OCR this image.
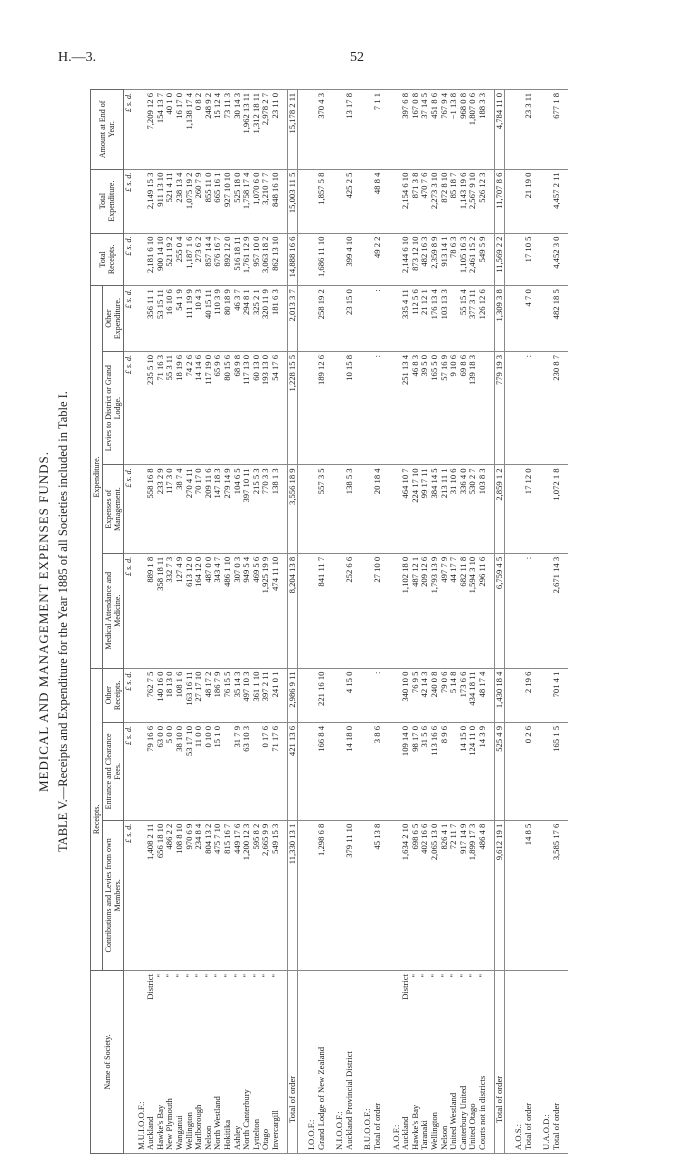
H.—3.	52
MEDICAL AND MANAGEMENT EXPENSES FUNDS. TABLE V.—Receipts and Expenditure for the Year 1885 of all Societies included in Table I.
Name of Society.	Receipts.			Expenditure.				Total Receipts.	Total Expenditure.	Amount at End of Year.
	Contributions and Levies from own Members.	Entrance and Clearance Fees.	Other Receipts.	Medical Attendance and Medicine.	Expenses of Management.	Levies to District or Grand Lodge.	Other Expenditure.			
	£ s. d.	£ s. d.	£ s. d.	£ s. d.	£ s. d.	£ s. d.	£ s. d.	£ s. d.	£ s. d.	£ s. d.
M.U.I.O.O.F.:										
Auckland
District	1,408 2 11	79 16 6	762 7 5	889 1 8	558 16 8	235 5 10	356 11 1	2,181 6 10	2,149 15 3	7,209 12 6
Hawke's Bay
"	656 18 10	63 0 0	140 16 0	358 18 11	233 2 9	71 16 3	53 15 11	900 14 10	911 13 10	154 13 7
New Plymouth
"	486 2 2	5 0 0	18 13 0	332 7 3	117 3 0	55 3 11	16 10 6	521 19 2	521 4 11	40 1 0
Wanganui
"	108 8 10	38 10 0	108 1 6	127 4 9	38 7 4	18 19 6	54 1 9	255 0 4	238 13 4	16 17 0
Wellington
"	970 6 9	53 17 10	163 16 11	613 12 0	270 4 11	74 2 6	111 19 9	1,187 1 6	1,075 19 2	1,138 17 4
Marlborough
"	234 8 4	11 0 0	27 17 10	164 12 0	70 17 0	14 14 6	10 4 3	273 6 2	260 7 9	0 8 2
Nelson
"	804 13 2	0 10 0	48 17 2	487 0 0	209 11 6	117 19 0	40 15 11	857 14 4	855 11 0	248 9 2
North Westland
"	475 7 10	15 1 0	186 7 9	343 4 7	147 18 3	65 9 6	110 3 9	676 16 7	665 16 1	15 12 4
Hokitika
"	815 16 7		76 15 5	486 1 10	279 14 9	80 15 6	80 18 9	892 12 0	927 10 10	73 11 3
Ashley
"	449 17 6	31 7 9	35 14 3	307 0 3	104 6 5	68 9 8	46 3 7	516 18 11	525 18 0	30 14 3
North Canterbury
"	1,200 12 3	63 10 3	497 10 3	949 5 4	397 10 11	117 13 0	294 8 1	1,761 12 9	1,758 17 4	1,962 13 11
Lyttelton
"	595 8 2		361 1 10	469 5 6	215 5 3	60 13 0	325 2 1	957 10 0	1,070 6 0	1,312 18 11
Otago
"	2,665 9 9	0 17 6	397 2 11	1,925 19 9	770 3 3	193 13 0	320 11 9	3,063 18 2	3,210 7 7	2,978 2 7
Invercargill
"	549 15 3	71 17 6	241 0 1	474 11 10	138 1 3	54 17 6	181 6 3	862 13 10	848 16 10	23 11 0

Total of order	11,330 13 1	421 13 6	2,986 9 11	8,204 13 8	3,556 18 9	1,228 15 5	2,013 3 7	14,888 16 6	15,003 11 5	15,178 2 11

I.O.O.F.:										
Grand Lodge of New Zealand	1,298 6 8	166 8 4	221 16 10	841 11 7	557 3 5	189 12 6	258 19 2	1,686 11 10	1,857 5 8	370 4 3

N.I.O.O.F.:										
Auckland Provincial District	379 11 10	14 18 0	4 15 0	252 6 6	138 5 3	10 15 8	23 15 0	399 4 10	425 2 5	13 17 8

B.U.O.O.F.:										
Total of order	45 13 8	3 8 6	:	27 10 0	20 18 4	:	:	49 2 2	48 8 4	7 1 1

A.O.F.:										
Auckland
District	1,634 2 10	109 14 0	340 10 0	1,102 18 0	464 10 7	251 13 4	335 4 11	2,144 6 10	2,154 6 10	397 6 8
Hawke's Bay
"	698 6 5	98 17 0	76 9 5	487 12 1	224 17 10	46 8 3	112 5 6	873 12 10	871 3 8	167 0 8
Taranaki
"	402 16 6	31 5 6	42 14 3	209 12 6	99 17 11	39 5 0	21 12 1	482 16 3	470 7 6	37 14 5
Wellington
"	2,065 13 0	113 16 6	240 0 8	1,793 13 9	384 14 5	165 5 0	176 13 4	2,359 8 9	2,273 3 10	451 8 6
Nelson
"	826 4 1	8 9 6	79 0 6	497 7 9	213 11 1	57 16 9	103 13 3	913 14 1	872 8 10	767 9 4
United Westland
"	72 11 7		5 14 8	44 17 7	31 10 6	9 10 6		78 6 3	85 18 7	−1 13 8
Canterbury United
"	917 14 9	14 15 0	173 6 6	682 11 8	336 4 0	69 8 6	55 15 4	1,105 16 3	1,143 19 6	968 0 8
United Otago
"	1,899 17 3	124 11 0	434 18 11	1,594 3 10	530 2 7	139 18 3	377 3 11	2,461 15 2	2,567 9 10	1,807 0 6
Courts not in districts
"	486 4 8	14 3 9	48 17 4	296 11 6	103 8 3		126 12 6	549 5 9	526 12 3	188 3 3

Total of order	9,612 19 1	525 4 9	1,430 18 4	6,759 4 5	2,859 1 2	779 19 3	1,309 3 8	11,569 2 2	11,707 8 6	4,784 11 0

A.O.S.:										
Total of order	14 8 5	0 2 6	2 19 6	:	17 12 0	:	4 7 0	17 10 5	21 19 0	23 3 11

U.A.O.D.:										
Total of order	3,585 17 6	165 1 5	701 4 1	2,671 14 3	1,072 1 8	230 8 7	482 18 5	4,452 3 0	4,457 2 11	677 1 8
